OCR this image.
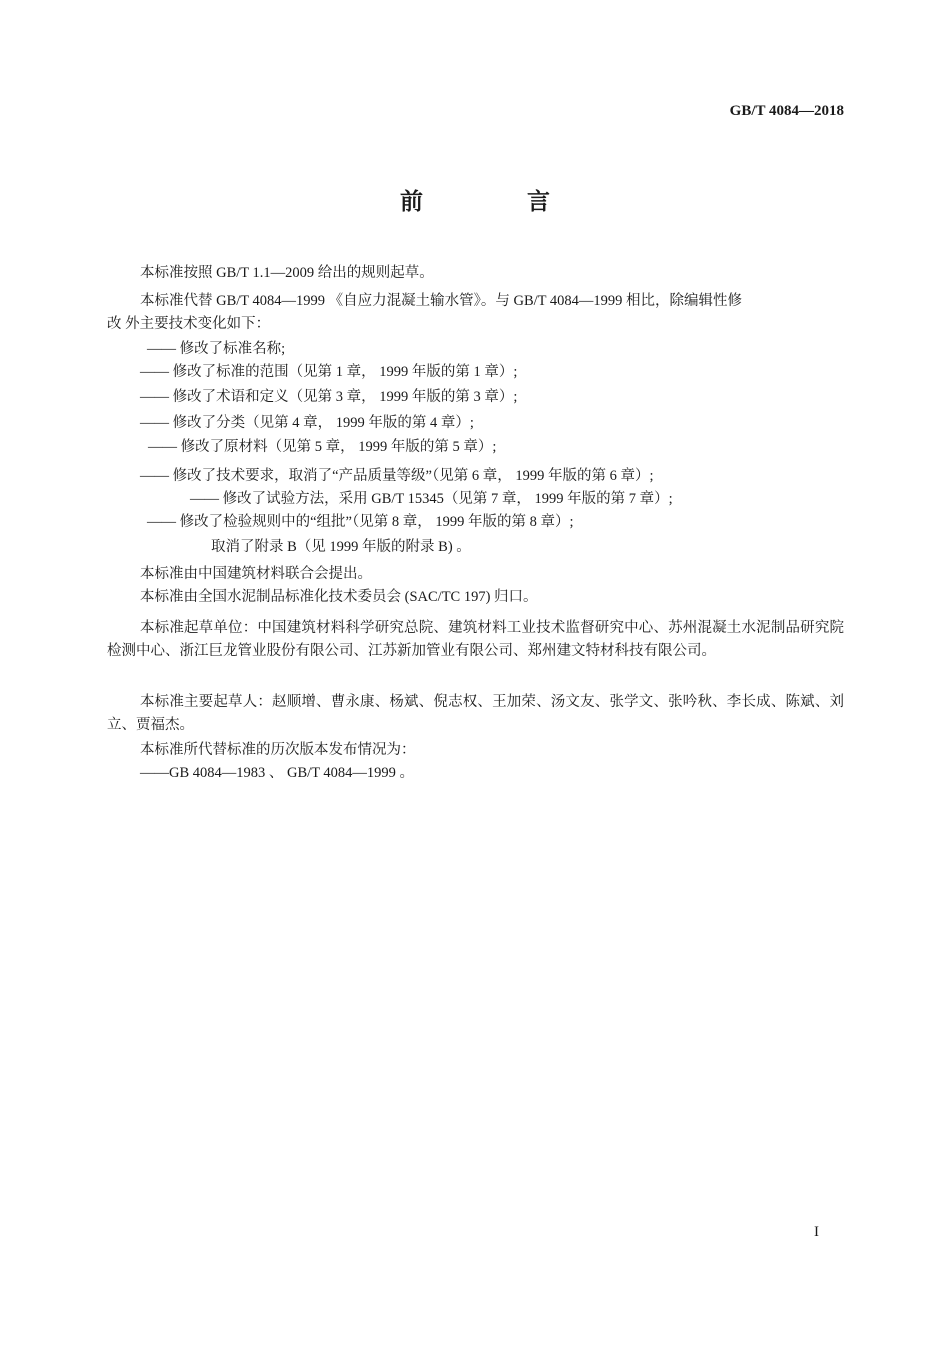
GB/T 4084—2018
前 言
本标准按照 GB/T 1.1—2009 给出的规则起草。
本标准代替 GB/T 4084—1999 《自应力混凝土输水管》。与 GB/T 4084—1999 相比，除编辑性修
改 外主要技术变化如下：
—— 修改了标准名称;
—— 修改了标准的范围（见第 1 章， 1999 年版的第 1 章）;
—— 修改了术语和定义（见第 3 章， 1999 年版的第 3 章）;
—— 修改了分类（见第 4 章， 1999 年版的第 4 章）;
—— 修改了原材料（见第 5 章， 1999 年版的第 5 章）;
—— 修改了技术要求，取消了“产品质量等级”（见第 6 章， 1999 年版的第 6 章）;
—— 修改了试验方法，采用 GB/T 15345（见第 7 章， 1999 年版的第 7 章）;
—— 修改了检验规则中的“组批”（见第 8 章， 1999 年版的第 8 章）;
取消了附录 B（见 1999 年版的附录 B) 。
本标准由中国建筑材料联合会提出。
本标准由全国水泥制品标准化技术委员会 (SAC/TC 197) 归口。
本标准起草单位：中国建筑材料科学研究总院、建筑材料工业技术监督研究中心、苏州混凝土水泥制品研究院检测中心、浙江巨龙管业股份有限公司、江苏新加管业有限公司、郑州建文特材科技有限公司。
本标准主要起草人：赵顺增、曹永康、杨斌、倪志权、王加荣、汤文友、张学文、张吟秋、李长成、陈斌、刘立、贾福杰。
本标准所代替标准的历次版本发布情况为：
——GB 4084—1983 、 GB/T 4084—1999 。
I
